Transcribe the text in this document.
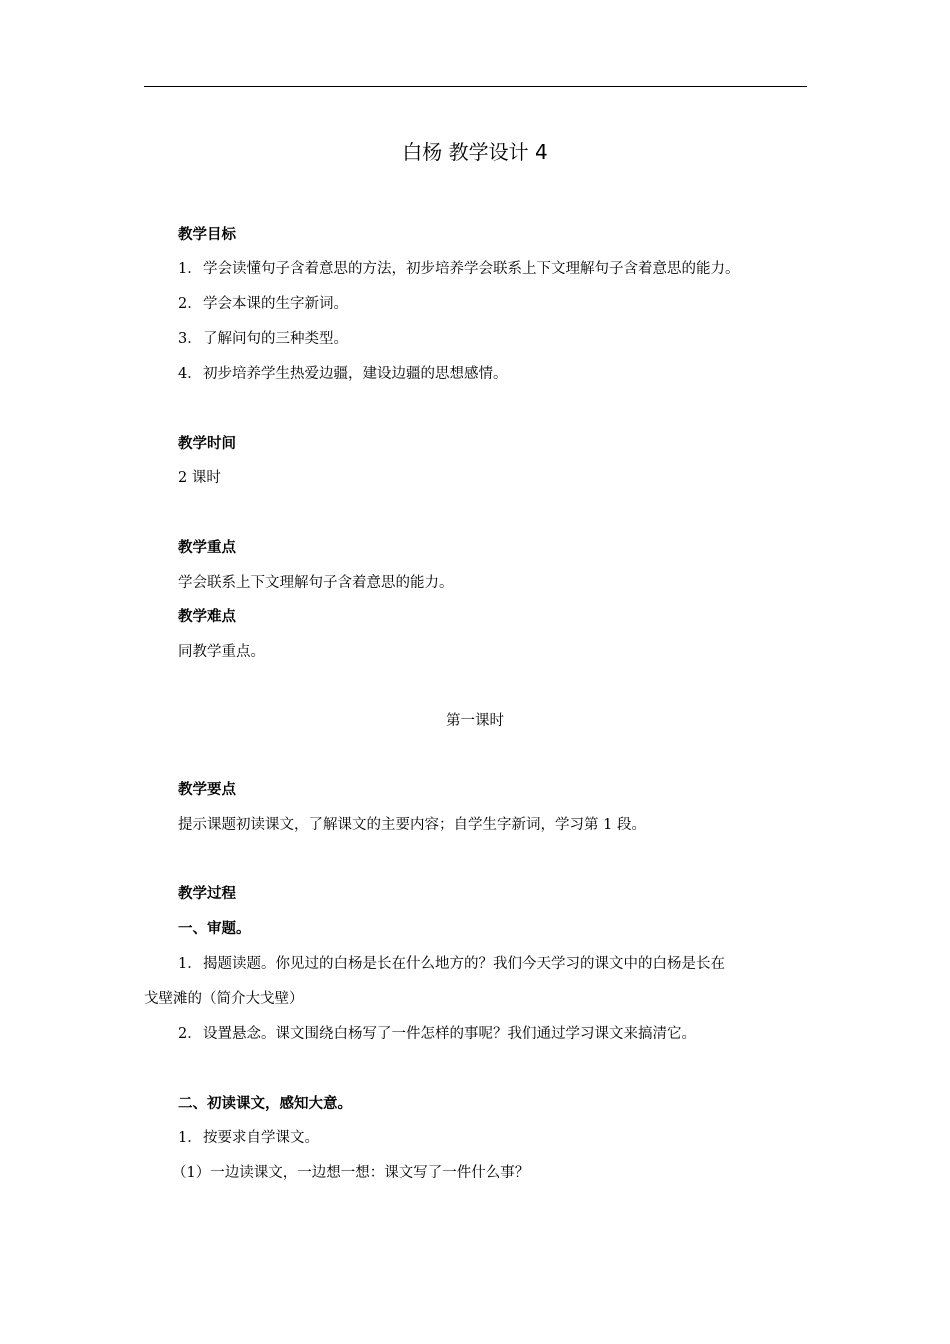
白杨 教学设计 4
教学目标
1．学会读懂句子含着意思的方法，初步培养学会联系上下文理解句子含着意思的能力。
2．学会本课的生字新词。
3．了解问句的三种类型。
4．初步培养学生热爱边疆，建设边疆的思想感情。
教学时间
2 课时
教学重点
学会联系上下文理解句子含着意思的能力。
教学难点
同教学重点。
第一课时
教学要点
提示课题初读课文，了解课文的主要内容；自学生字新词，学习第 1 段。
教学过程
一、审题。
1．揭题读题。你见过的白杨是长在什么地方的？我们今天学习的课文中的白杨是长在
戈壁滩的（简介大戈壁）
2．设置悬念。课文围绕白杨写了一件怎样的事呢？我们通过学习课文来搞清它。
二、初读课文，感知大意。
1．按要求自学课文。
（1）一边读课文，一边想一想：课文写了一件什么事？
